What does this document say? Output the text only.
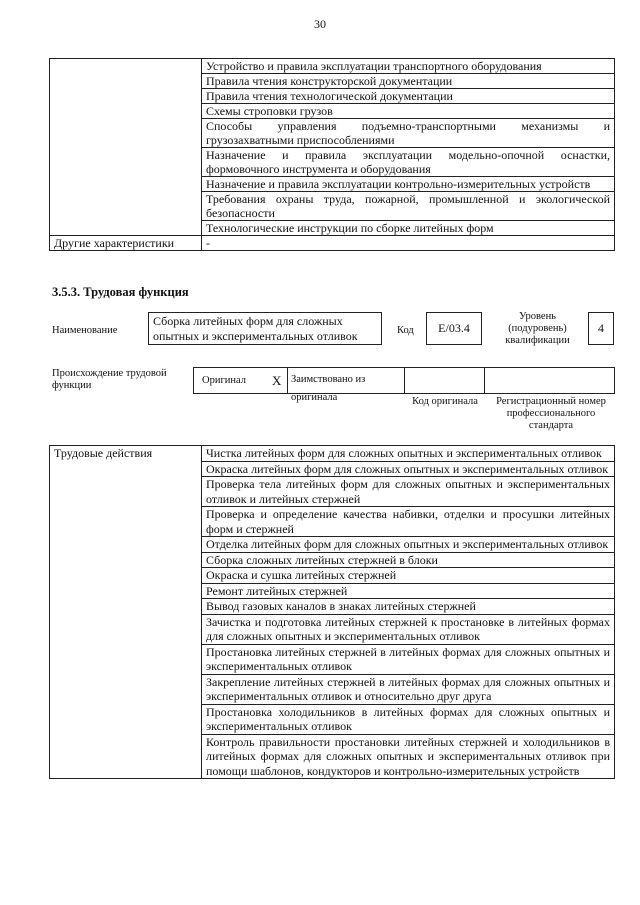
30
	Устройство и правила эксплуатации транспортного оборудования
	Правила чтения конструкторской документации
	Правила чтения технологической документации
	Схемы строповки грузов
	Способы управления подъемно-транспортными механизмы и грузозахватными приспособлениями
	Назначение и правила эксплуатации модельно-опочной оснастки, формовочного инструмента и оборудования
	Назначение и правила эксплуатации контрольно-измерительных устройств
	Требования охраны труда, пожарной, промышленной и экологической безопасности
	Технологические инструкции по сборке литейных форм
Другие характеристики	-
3.5.3. Трудовая функция
Наименование
Сборка литейных форм для сложных опытных и экспериментальных отливок	Код	E/03.4
Уровень (подуровень) квалификации
4
Происхождение трудовой функции	Оригинал X Заимствовано из оригинала	Код оригинала	Регистрационный номер профессионального стандарта
Трудовые действия	Чистка литейных форм для сложных опытных и экспериментальных отливок
Окраска литейных форм для сложных опытных и экспериментальных отливок
Проверка тела литейных форм для сложных опытных и экспериментальных отливок и литейных стержней
Проверка и определение качества набивки, отделки и просушки литейных форм и стержней
Отделка литейных форм для сложных опытных и экспериментальных отливок
Сборка сложных литейных стержней в блоки
Окраска и сушка литейных стержней
Ремонт литейных стержней
Вывод газовых каналов в знаках литейных стержней
Зачистка и подготовка литейных стержней к простановке в литейных формах для сложных опытных и экспериментальных отливок
Простановка литейных стержней в литейных формах для сложных опытных и экспериментальных отливок
Закрепление литейных стержней в литейных формах для сложных опытных и экспериментальных отливок и относительно друг друга
Простановка холодильников в литейных формах для сложных опытных и экспериментальных отливок
Контроль правильности простановки литейных стержней и холодильников в литейных формах для сложных опытных и экспериментальных отливок при помощи шаблонов, кондукторов и контрольно-измерительных устройств
